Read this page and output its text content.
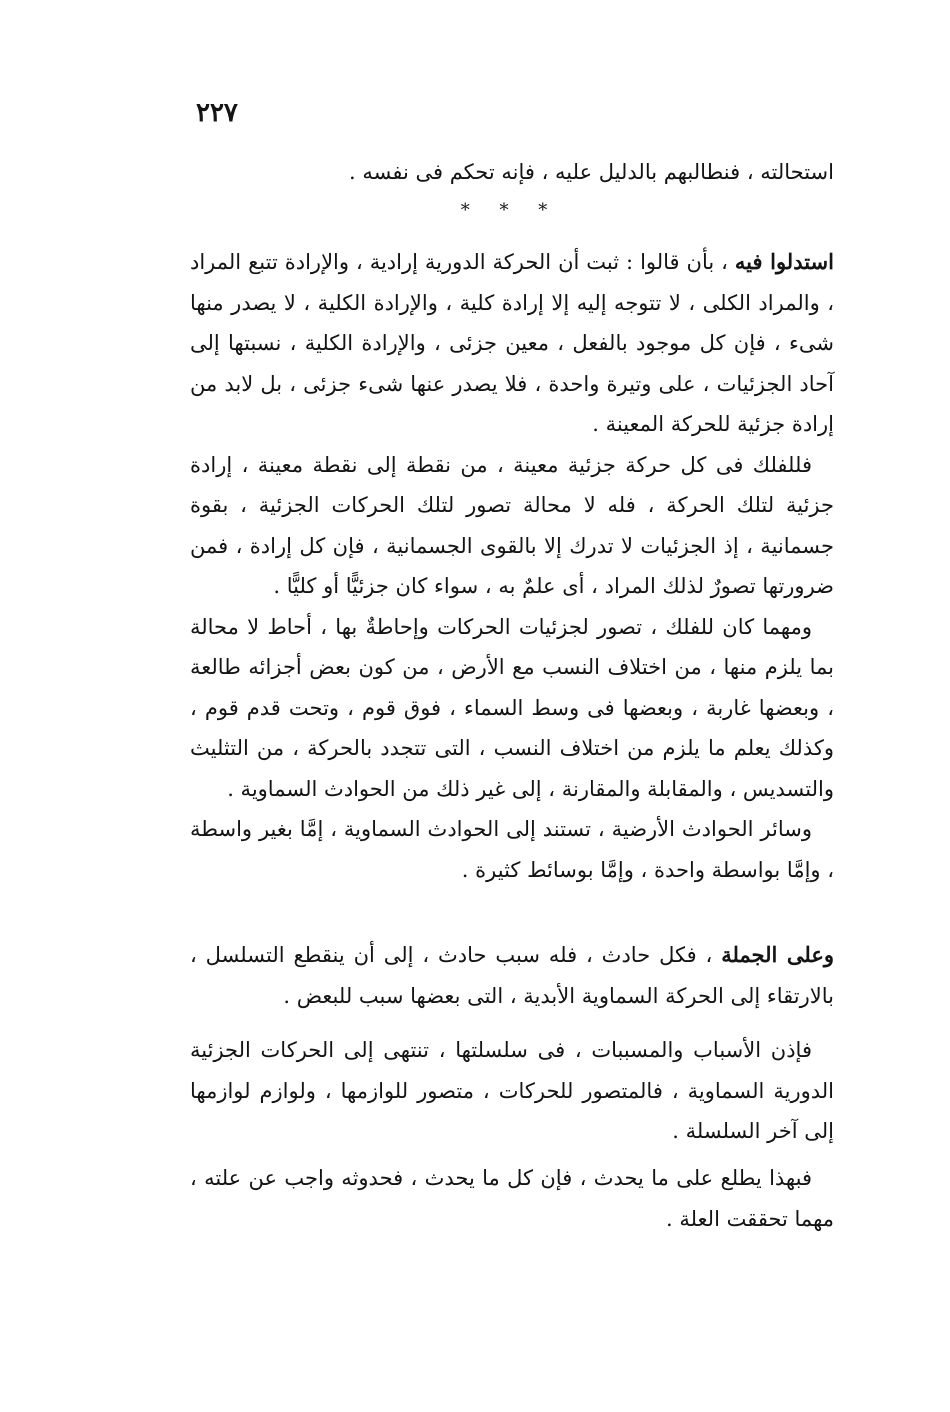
٢٢٧

استحالته ، فنطالبهم بالدليل عليه ، فإنه تحكم فى نفسه .

* * *

استدلوا فيه ، بأن قالوا : ثبت أن الحركة الدورية إرادية ، والإرادة تتبع المراد ، والمراد الكلى ، لا تتوجه إليه إلا إرادة كلية ، والإرادة الكلية ، لا يصدر منها شىء ، فإن كل موجود بالفعل ، معين جزئى ، والإرادة الكلية ، نسبتها إلى آحاد الجزئيات ، على وتيرة واحدة ، فلا يصدر عنها شىء جزئى ، بل لابد من إرادة جزئية للحركة المعينة .

فللفلك فى كل حركة جزئية معينة ، من نقطة إلى نقطة معينة ، إرادة جزئية لتلك الحركة ، فله لا محالة تصور لتلك الحركات الجزئية ، بقوة جسمانية ، إذ الجزئيات لا تدرك إلا بالقوى الجسمانية ، فإن كل إرادة ، فمن ضرورتها تصورٌ لذلك المراد ، أى علمٌ به ، سواء كان جزئيًّا أو كليًّا .

ومهما كان للفلك ، تصور لجزئيات الحركات وإحاطةٌ بها ، أحاط لا محالة بما يلزم منها ، من اختلاف النسب مع الأرض ، من كون بعض أجزائه طالعة ، وبعضها غاربة ، وبعضها فى وسط السماء ، فوق قوم ، وتحت قدم قوم ، وكذلك يعلم ما يلزم من اختلاف النسب ، التى تتجدد بالحركة ، من التثليث والتسديس ، والمقابلة والمقارنة ، إلى غير ذلك من الحوادث السماوية .

وسائر الحوادث الأرضية ، تستند إلى الحوادث السماوية ، إمَّا بغير واسطة ، وإمَّا بواسطة واحدة ، وإمَّا بوسائط كثيرة .

وعلى الجملة ، فكل حادث ، فله سبب حادث ، إلى أن ينقطع التسلسل ، بالارتقاء إلى الحركة السماوية الأبدية ، التى بعضها سبب للبعض .

فإذن الأسباب والمسببات ، فى سلسلتها ، تنتهى إلى الحركات الجزئية الدورية السماوية ، فالمتصور للحركات ، متصور للوازمها ، ولوازم لوازمها إلى آخر السلسلة .

فبهذا يطلع على ما يحدث ، فإن كل ما يحدث ، فحدوثه واجب عن علته ، مهما تحققت العلة .
